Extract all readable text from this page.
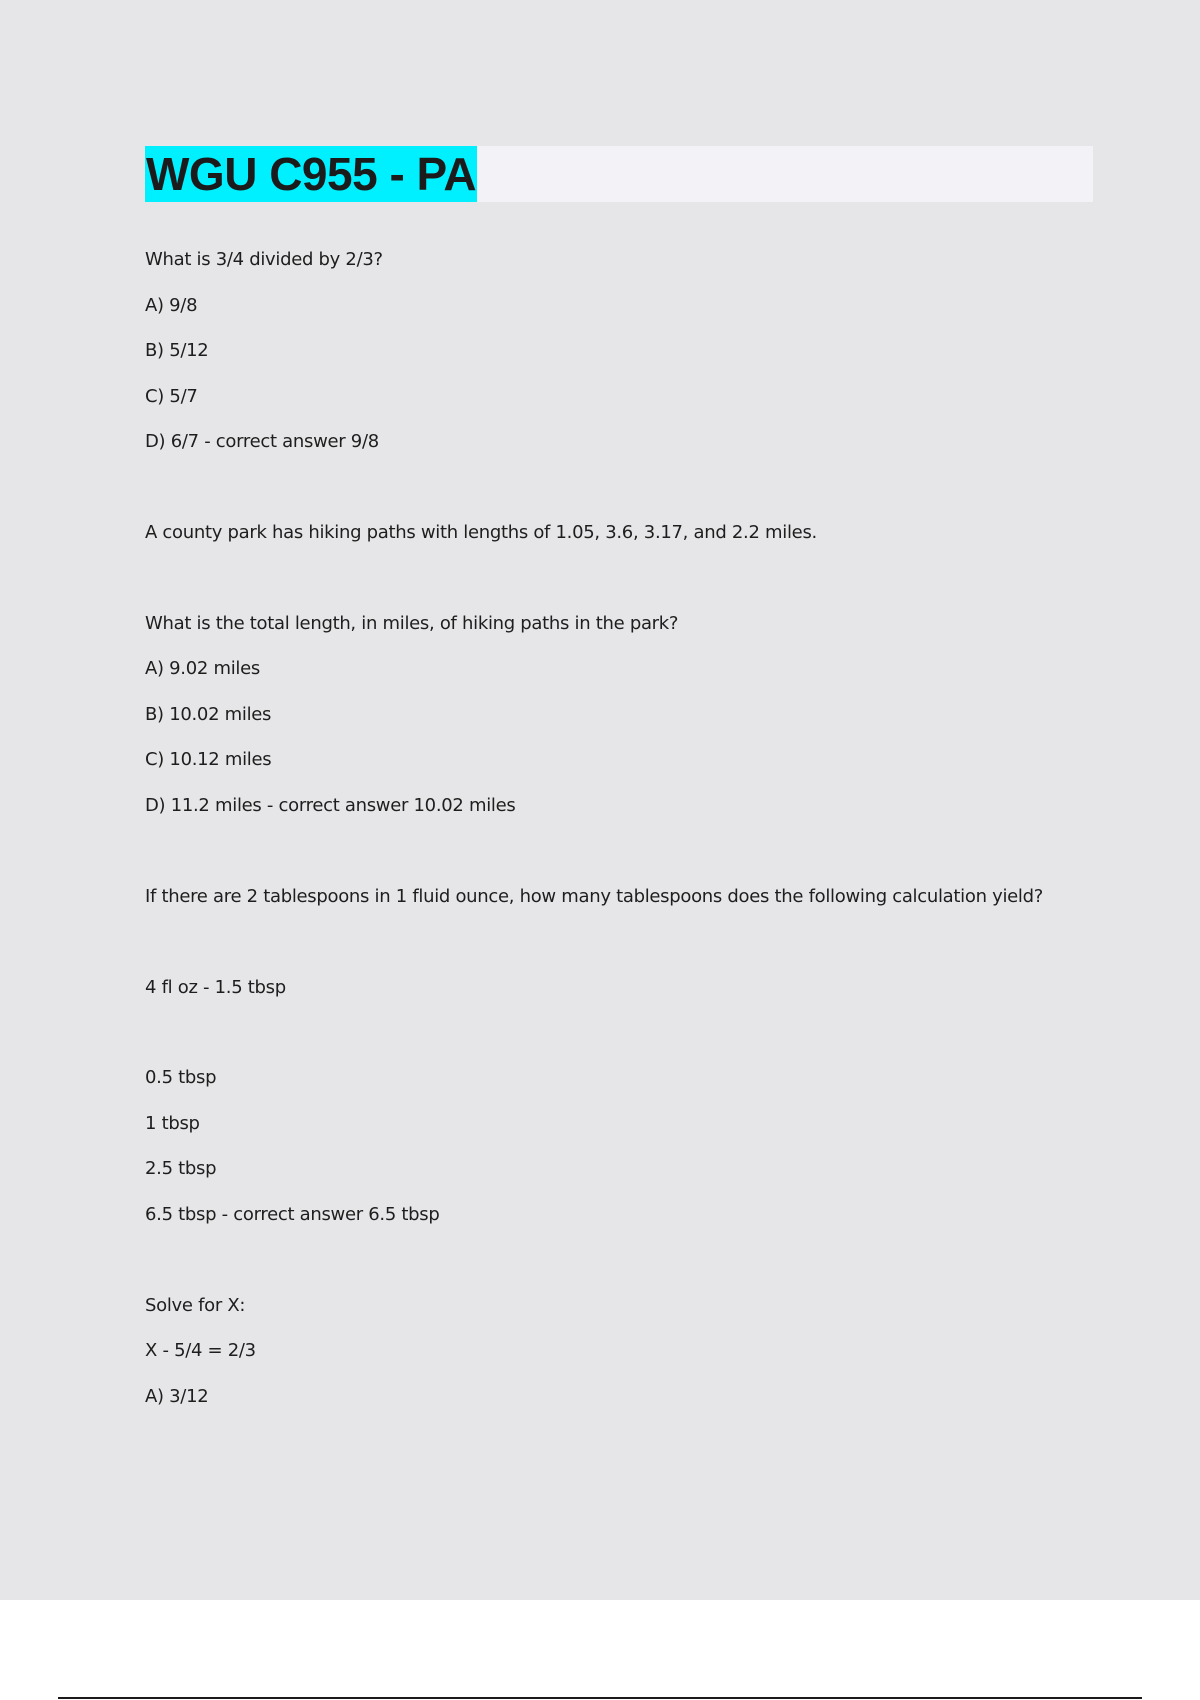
WGU C955 - PA
What is 3/4 divided by 2/3?
A) 9/8
B) 5/12
C) 5/7
D) 6/7 - correct answer 9/8
A county park has hiking paths with lengths of 1.05, 3.6, 3.17, and 2.2 miles.
What is the total length, in miles, of hiking paths in the park?
A) 9.02 miles
B) 10.02 miles
C) 10.12 miles
D) 11.2 miles - correct answer 10.02 miles
If there are 2 tablespoons in 1 fluid ounce, how many tablespoons does the following calculation yield?
4 fl oz - 1.5 tbsp
0.5 tbsp
1 tbsp
2.5 tbsp
6.5 tbsp - correct answer 6.5 tbsp
Solve for X:
X - 5/4 = 2/3
A) 3/12
